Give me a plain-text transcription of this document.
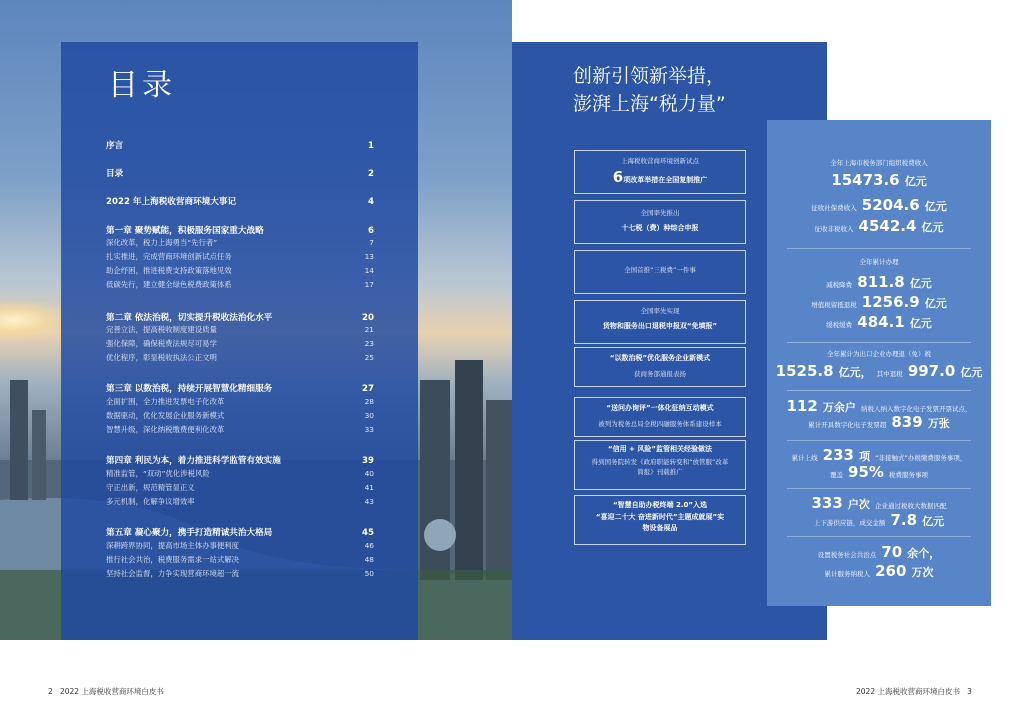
目录
序言	1
目录	2
2022 年上海税收营商环境大事记	4
第一章 聚势赋能，积极服务国家重大战略	6
深化改革，税力上海勇当“先行者”	7
扎实推进，完成营商环境创新试点任务	13
助企纾困，推进税费支持政策落地见效	14
低碳先行，建立健全绿色税费政策体系	17
第二章 依法治税，切实提升税收法治化水平	20
完善立法，提高税收制度建设质量	21
强化保障，确保税费法规尽可易学	23
优化程序，彰显税收执法公正文明	25
第三章 以数治税，持续开展智慧化精细服务	27
全面扩围，全力推进发票电子化改革	28
数据驱动，优化发展企业服务新模式	30
智慧升级，深化纳税缴费便利化改革	33
第四章 利民为本，着力推进科学监管有效实施	39
精准监管，“双动”优化涉税风险	40
守正出新，规范精管显正义	41
多元机制，化解争议增效率	43
第五章 凝心聚力，携手打造精诚共治大格局	45
深耕跨界协同，提高市场主体办事便利度	46
推行社会共治，税费服务需求一站式解决	48
坚持社会监督，力争实现营商环境超一流	50
创新引领新举措，
澎湃上海“税力量”
上海税收营商环境创新试点
6项改革举措在全国复制推广
全国率先推出
十七税（费）种综合申报
全国首推“三税费”一件事
全国率先实现
货物和服务出口退税申报双“免填报”
“以数治税”优化服务企业新模式
获商务部通报表扬
“送问办询评”一体化征纳互动模式
被列为税务总局全税四融服务体系建设样本
“信用 + 风险”监管相关经验做法
得到国务院转发《政府职能转变和“放管服”改革简报》刊载推广
“智慧自助办税终端 2.0”入选
“喜迎二十大 奋进新时代”主题成就展”实物设备展品
全年上海市税务部门组织税费收入
15473.6 亿元
征收社保费收入 5204.6 亿元
征收非税收入 4542.4 亿元
全年累计办理
减税降费 811.8 亿元
增值税留抵退税 1256.9 亿元
缓税缓费 484.1 亿元
全年累计为出口企业办理退（免）税
1525.8 亿元， 其中退税 997.0 亿元
112 万余户 纳税人纳入数字化电子发票开票试点，
累计开具数字化电子发票超 839 万张
累计上线 233 项 “非接触式”办税缴费服务事项，
覆盖 95% 税费服务事项
333 户次 企业通过税收大数据匹配
上下游供应链，成交金额 7.8 亿元
设置税务社会共治点 70 余个，
累计服务纳税人 260 万次
2 2022 上海税收营商环境白皮书	2022 上海税收营商环境白皮书 3
